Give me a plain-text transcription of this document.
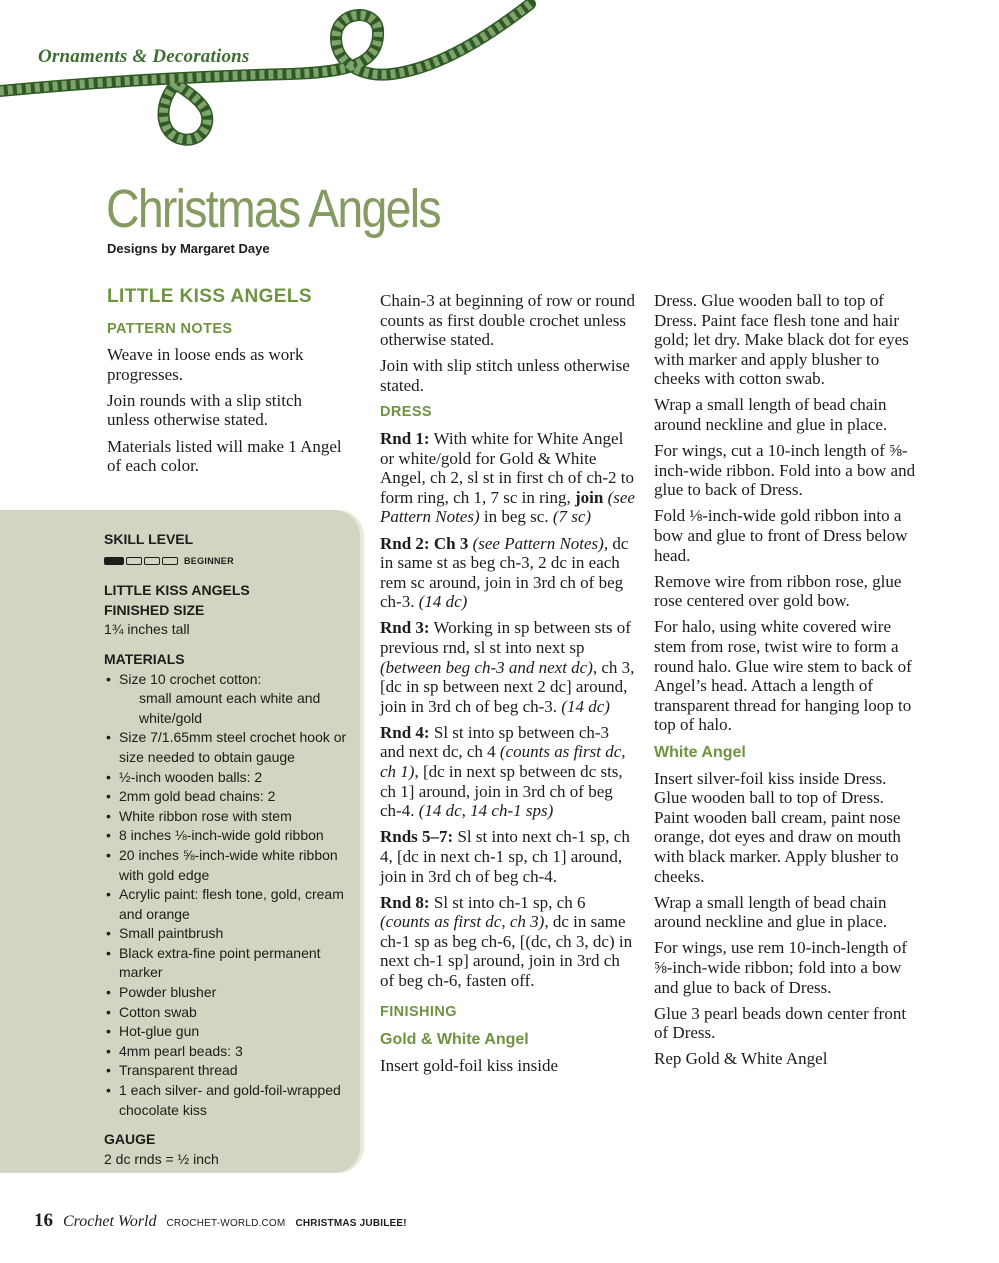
Ornaments & Decorations
Christmas Angels
Designs by Margaret Daye
LITTLE KISS ANGELS
PATTERN NOTES

Weave in loose ends as work progresses.

Join rounds with a slip stitch unless otherwise stated.

Materials listed will make 1 Angel of each color.

SKILL LEVEL
BEGINNER
LITTLE KISS ANGELS
FINISHED SIZE
1¾ inches tall
MATERIALS
• Size 10 crochet cotton:
small amount each white and white/gold
• Size 7/1.65mm steel crochet hook or size needed to obtain gauge
• ½-inch wooden balls: 2
• 2mm gold bead chains: 2
• White ribbon rose with stem
• 8 inches ⅛-inch-wide gold ribbon
• 20 inches ⅝-inch-wide white ribbon with gold edge
• Acrylic paint: flesh tone, gold, cream and orange
• Small paintbrush
• Black extra-fine point permanent marker
• Powder blusher
• Cotton swab
• Hot-glue gun
• 4mm pearl beads: 3
• Transparent thread
• 1 each silver- and gold-foil-wrapped chocolate kiss
GAUGE
2 dc rnds = ½ inch

Chain-3 at beginning of row or round counts as first double crochet unless otherwise stated.

Join with slip stitch unless otherwise stated.

DRESS

Rnd 1: With white for White Angel or white/gold for Gold & White Angel, ch 2, sl st in first ch of ch-2 to form ring, ch 1, 7 sc in ring, join (see Pattern Notes) in beg sc. (7 sc)

Rnd 2: Ch 3 (see Pattern Notes), dc in same st as beg ch-3, 2 dc in each rem sc around, join in 3rd ch of beg ch-3. (14 dc)

Rnd 3: Working in sp between sts of previous rnd, sl st into next sp (between beg ch-3 and next dc), ch 3, [dc in sp between next 2 dc] around, join in 3rd ch of beg ch-3. (14 dc)

Rnd 4: Sl st into sp between ch-3 and next dc, ch 4 (counts as first dc, ch 1), [dc in next sp between dc sts, ch 1] around, join in 3rd ch of beg ch-4. (14 dc, 14 ch-1 sps)

Rnds 5–7: Sl st into next ch-1 sp, ch 4, [dc in next ch-1 sp, ch 1] around, join in 3rd ch of beg ch-4.

Rnd 8: Sl st into ch-1 sp, ch 6 (counts as first dc, ch 3), dc in same ch-1 sp as beg ch-6, [(dc, ch 3, dc) in next ch-1 sp] around, join in 3rd ch of beg ch-6, fasten off.

FINISHING
Gold & White Angel

Insert gold-foil kiss inside

Dress. Glue wooden ball to top of Dress. Paint face flesh tone and hair gold; let dry. Make black dot for eyes with marker and apply blusher to cheeks with cotton swab.

Wrap a small length of bead chain around neckline and glue in place.

For wings, cut a 10-inch length of ⅝-inch-wide ribbon. Fold into a bow and glue to back of Dress.

Fold ⅛-inch-wide gold ribbon into a bow and glue to front of Dress below head.

Remove wire from ribbon rose, glue rose centered over gold bow.

For halo, using white covered wire stem from rose, twist wire to form a round halo. Glue wire stem to back of Angel’s head. Attach a length of transparent thread for hanging loop to top of halo.

White Angel

Insert silver-foil kiss inside Dress. Glue wooden ball to top of Dress. Paint wooden ball cream, paint nose orange, dot eyes and draw on mouth with black marker. Apply blusher to cheeks.

Wrap a small length of bead chain around neckline and glue in place.

For wings, use rem 10-inch-length of ⅝-inch-wide ribbon; fold into a bow and glue to back of Dress.

Glue 3 pearl beads down center front of Dress.

Rep Gold & White Angel

16 Crochet World CROCHET-WORLD.COM CHRISTMAS JUBILEE!
